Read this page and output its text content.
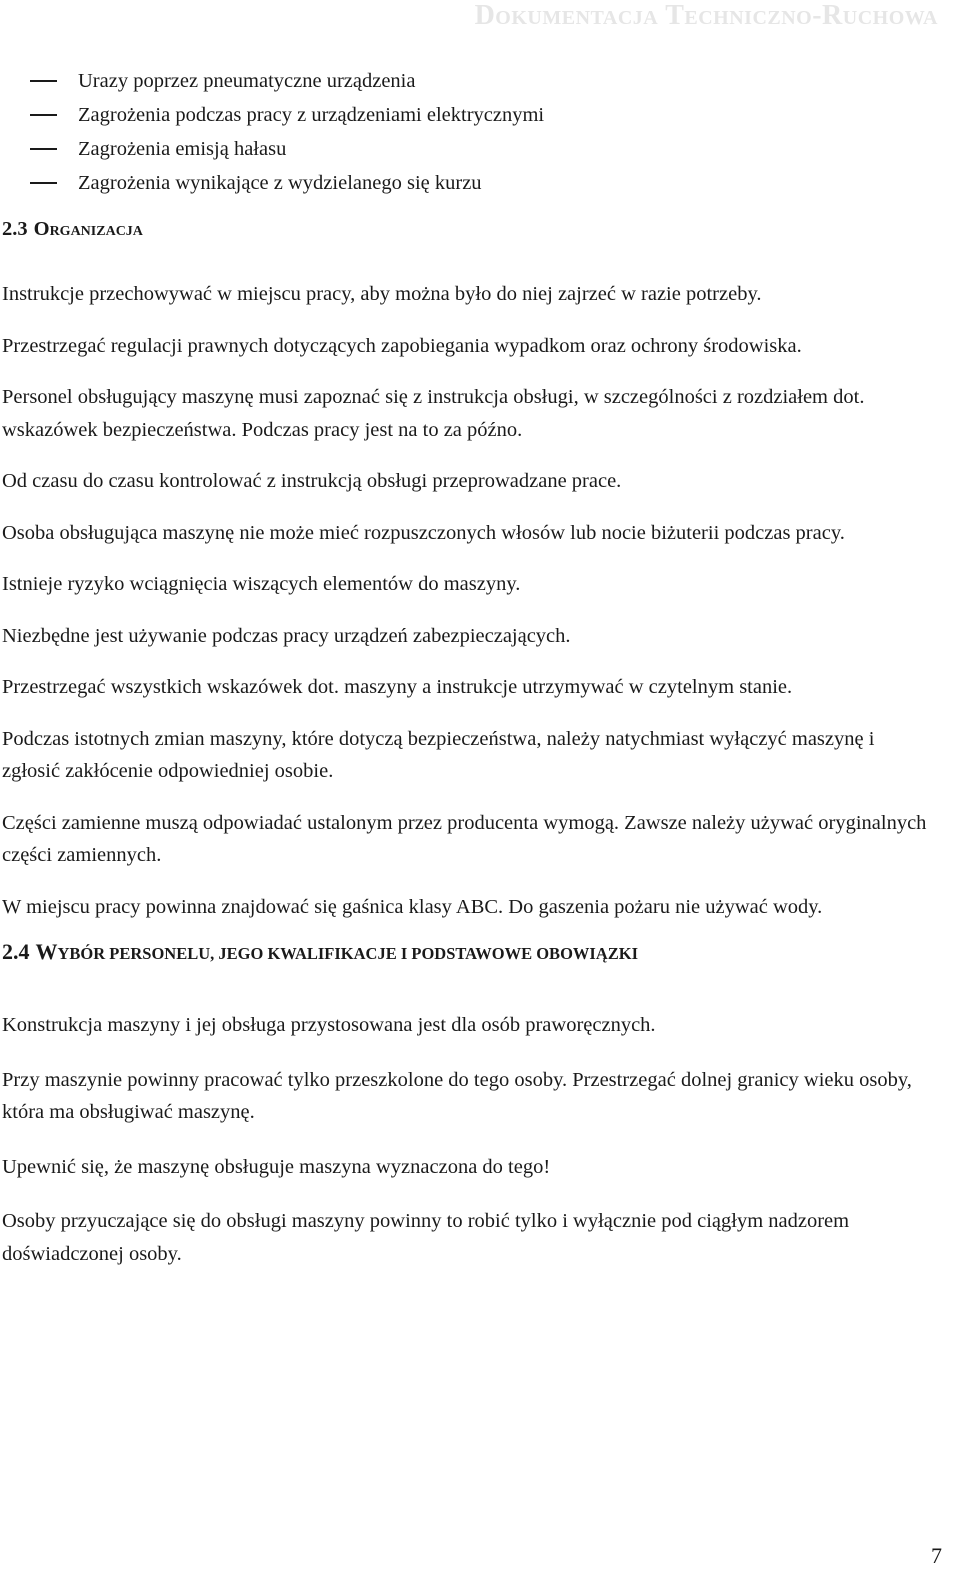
Dokumentacja Techniczno-Ruchowa
Urazy poprzez pneumatyczne urządzenia
Zagrożenia podczas pracy z urządzeniami elektrycznymi
Zagrożenia emisją hałasu
Zagrożenia wynikające z wydzielanego się kurzu
2.3 Organizacja

Instrukcje przechowywać w miejscu pracy, aby można było do niej zajrzeć w razie potrzeby.

Przestrzegać regulacji prawnych dotyczących zapobiegania wypadkom oraz ochrony środowiska.

Personel obsługujący maszynę musi zapoznać się z instrukcja obsługi, w szczególności z rozdziałem dot. wskazówek bezpieczeństwa. Podczas pracy jest na to za późno.

Od czasu do czasu kontrolować z instrukcją obsługi przeprowadzane prace.

Osoba obsługująca maszynę nie może mieć rozpuszczonych włosów lub nocie biżuterii podczas pracy.

Istnieje ryzyko wciągnięcia wiszących elementów do maszyny.

Niezbędne jest używanie podczas pracy urządzeń zabezpieczających.

Przestrzegać wszystkich wskazówek dot. maszyny a instrukcje utrzymywać w czytelnym stanie.

Podczas istotnych zmian maszyny, które dotyczą bezpieczeństwa, należy natychmiast wyłączyć maszynę i zgłosić zakłócenie odpowiedniej osobie.

Części zamienne muszą odpowiadać ustalonym przez producenta wymogą. Zawsze należy używać oryginalnych części zamiennych.

W miejscu pracy powinna znajdować się gaśnica klasy ABC. Do gaszenia pożaru nie używać wody.

2.4 WYBÓR PERSONELU, JEGO KWALIFIKACJE I PODSTAWOWE OBOWIĄZKI

Konstrukcja maszyny i jej obsługa przystosowana jest dla osób praworęcznych.

Przy maszynie powinny pracować tylko przeszkolone do tego osoby. Przestrzegać dolnej granicy wieku osoby, która ma obsługiwać maszynę.

Upewnić się, że maszynę obsługuje maszyna wyznaczona do tego!

Osoby przyuczające się do obsługi maszyny powinny to robić tylko i wyłącznie pod ciągłym nadzorem doświadczonej osoby.

7
